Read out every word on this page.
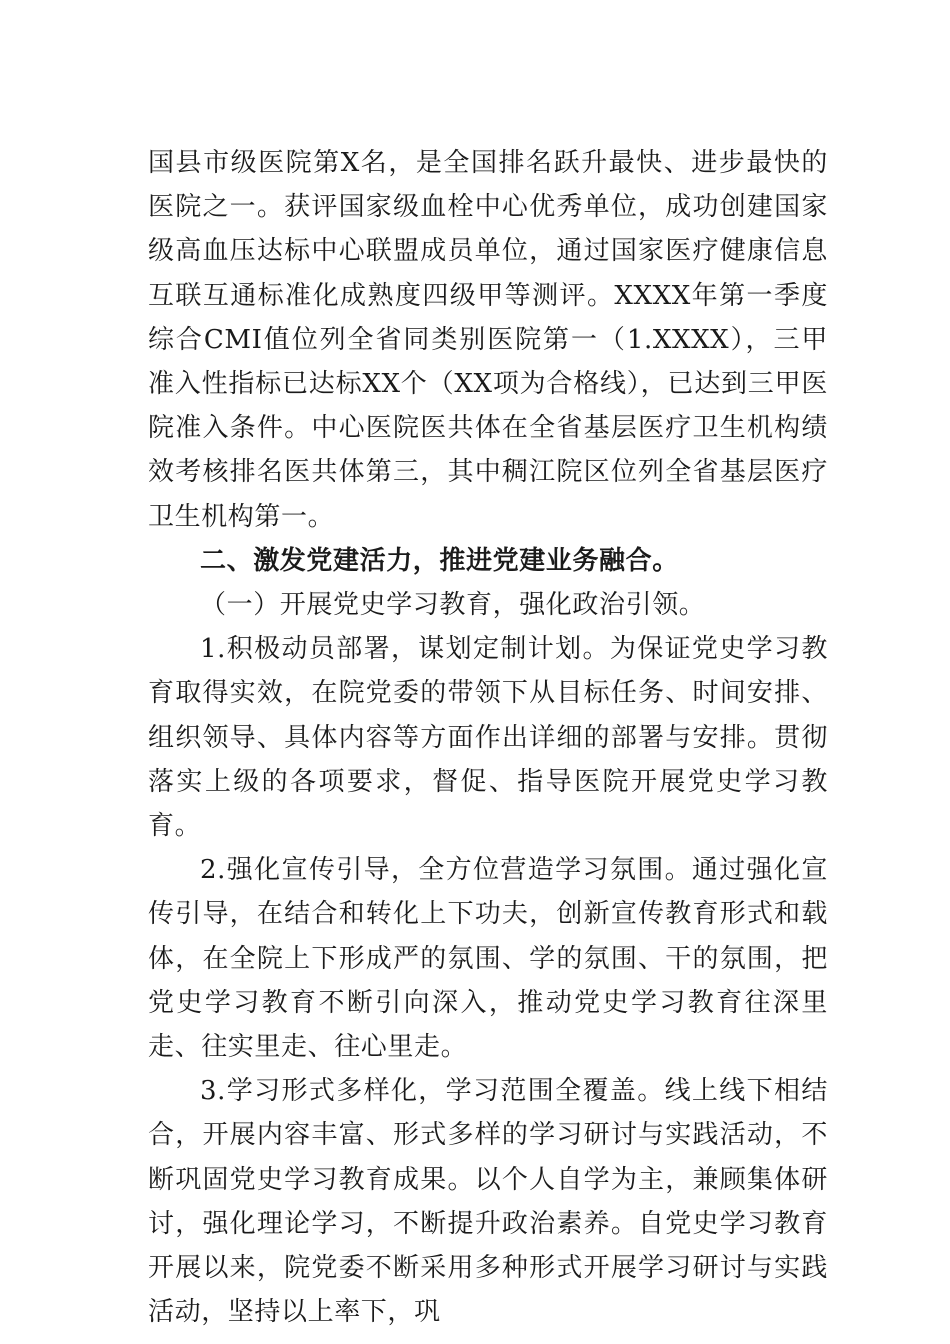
国县市级医院第X名，是全国排名跃升最快、进步最快的医院之一。获评国家级血栓中心优秀单位，成功创建国家级高血压达标中心联盟成员单位，通过国家医疗健康信息互联互通标准化成熟度四级甲等测评。XXXX年第一季度综合CMI值位列全省同类别医院第一（1.XXXX），三甲准入性指标已达标XX个（XX项为合格线），已达到三甲医院准入条件。中心医院医共体在全省基层医疗卫生机构绩效考核排名医共体第三，其中稠江院区位列全省基层医疗卫生机构第一。

二、激发党建活力，推进党建业务融合。

（一）开展党史学习教育，强化政治引领。

1.积极动员部署，谋划定制计划。为保证党史学习教育取得实效，在院党委的带领下从目标任务、时间安排、组织领导、具体内容等方面作出详细的部署与安排。贯彻落实上级的各项要求，督促、指导医院开展党史学习教育。

2.强化宣传引导，全方位营造学习氛围。通过强化宣传引导，在结合和转化上下功夫，创新宣传教育形式和载体，在全院上下形成严的氛围、学的氛围、干的氛围，把党史学习教育不断引向深入，推动党史学习教育往深里走、往实里走、往心里走。

3.学习形式多样化，学习范围全覆盖。线上线下相结合，开展内容丰富、形式多样的学习研讨与实践活动，不断巩固党史学习教育成果。以个人自学为主，兼顾集体研讨，强化理论学习，不断提升政治素养。自党史学习教育开展以来，院党委不断采用多种形式开展学习研讨与实践活动，坚持以上率下，巩
